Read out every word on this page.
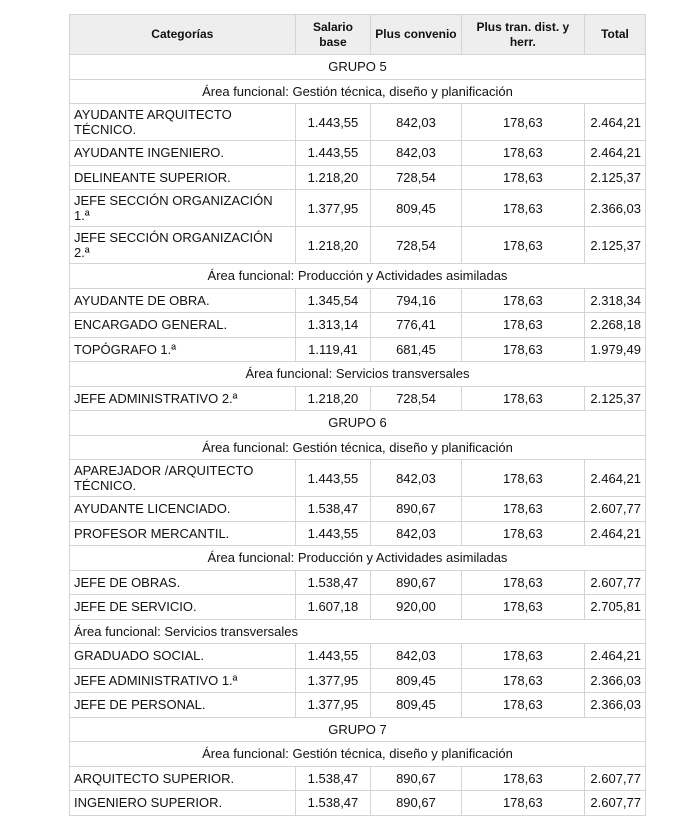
Categorías	Salario base	Plus convenio	Plus tran. dist. y herr.	Total
GRUPO 5				
Área funcional: Gestión técnica, diseño y planificación				
AYUDANTE ARQUITECTO TÉCNICO.	1.443,55	842,03	178,63	2.464,21
AYUDANTE INGENIERO.	1.443,55	842,03	178,63	2.464,21
DELINEANTE SUPERIOR.	1.218,20	728,54	178,63	2.125,37
JEFE SECCIÓN ORGANIZACIÓN 1.ª	1.377,95	809,45	178,63	2.366,03
JEFE SECCIÓN ORGANIZACIÓN 2.ª	1.218,20	728,54	178,63	2.125,37
Área funcional: Producción y Actividades asimiladas				
AYUDANTE DE OBRA.	1.345,54	794,16	178,63	2.318,34
ENCARGADO GENERAL.	1.313,14	776,41	178,63	2.268,18
TOPÓGRAFO 1.ª	1.119,41	681,45	178,63	1.979,49
Área funcional: Servicios transversales				
JEFE ADMINISTRATIVO 2.ª	1.218,20	728,54	178,63	2.125,37
GRUPO 6				
Área funcional: Gestión técnica, diseño y planificación				
APAREJADOR /ARQUITECTO TÉCNICO.	1.443,55	842,03	178,63	2.464,21
AYUDANTE LICENCIADO.	1.538,47	890,67	178,63	2.607,77
PROFESOR MERCANTIL.	1.443,55	842,03	178,63	2.464,21
Área funcional: Producción y Actividades asimiladas				
JEFE DE OBRAS.	1.538,47	890,67	178,63	2.607,77
JEFE DE SERVICIO.	1.607,18	920,00	178,63	2.705,81
Área funcional: Servicios transversales				
GRADUADO SOCIAL.	1.443,55	842,03	178,63	2.464,21
JEFE ADMINISTRATIVO 1.ª	1.377,95	809,45	178,63	2.366,03
JEFE DE PERSONAL.	1.377,95	809,45	178,63	2.366,03
GRUPO 7				
Área funcional: Gestión técnica, diseño y planificación				
ARQUITECTO SUPERIOR.	1.538,47	890,67	178,63	2.607,77
INGENIERO SUPERIOR.	1.538,47	890,67	178,63	2.607,77
